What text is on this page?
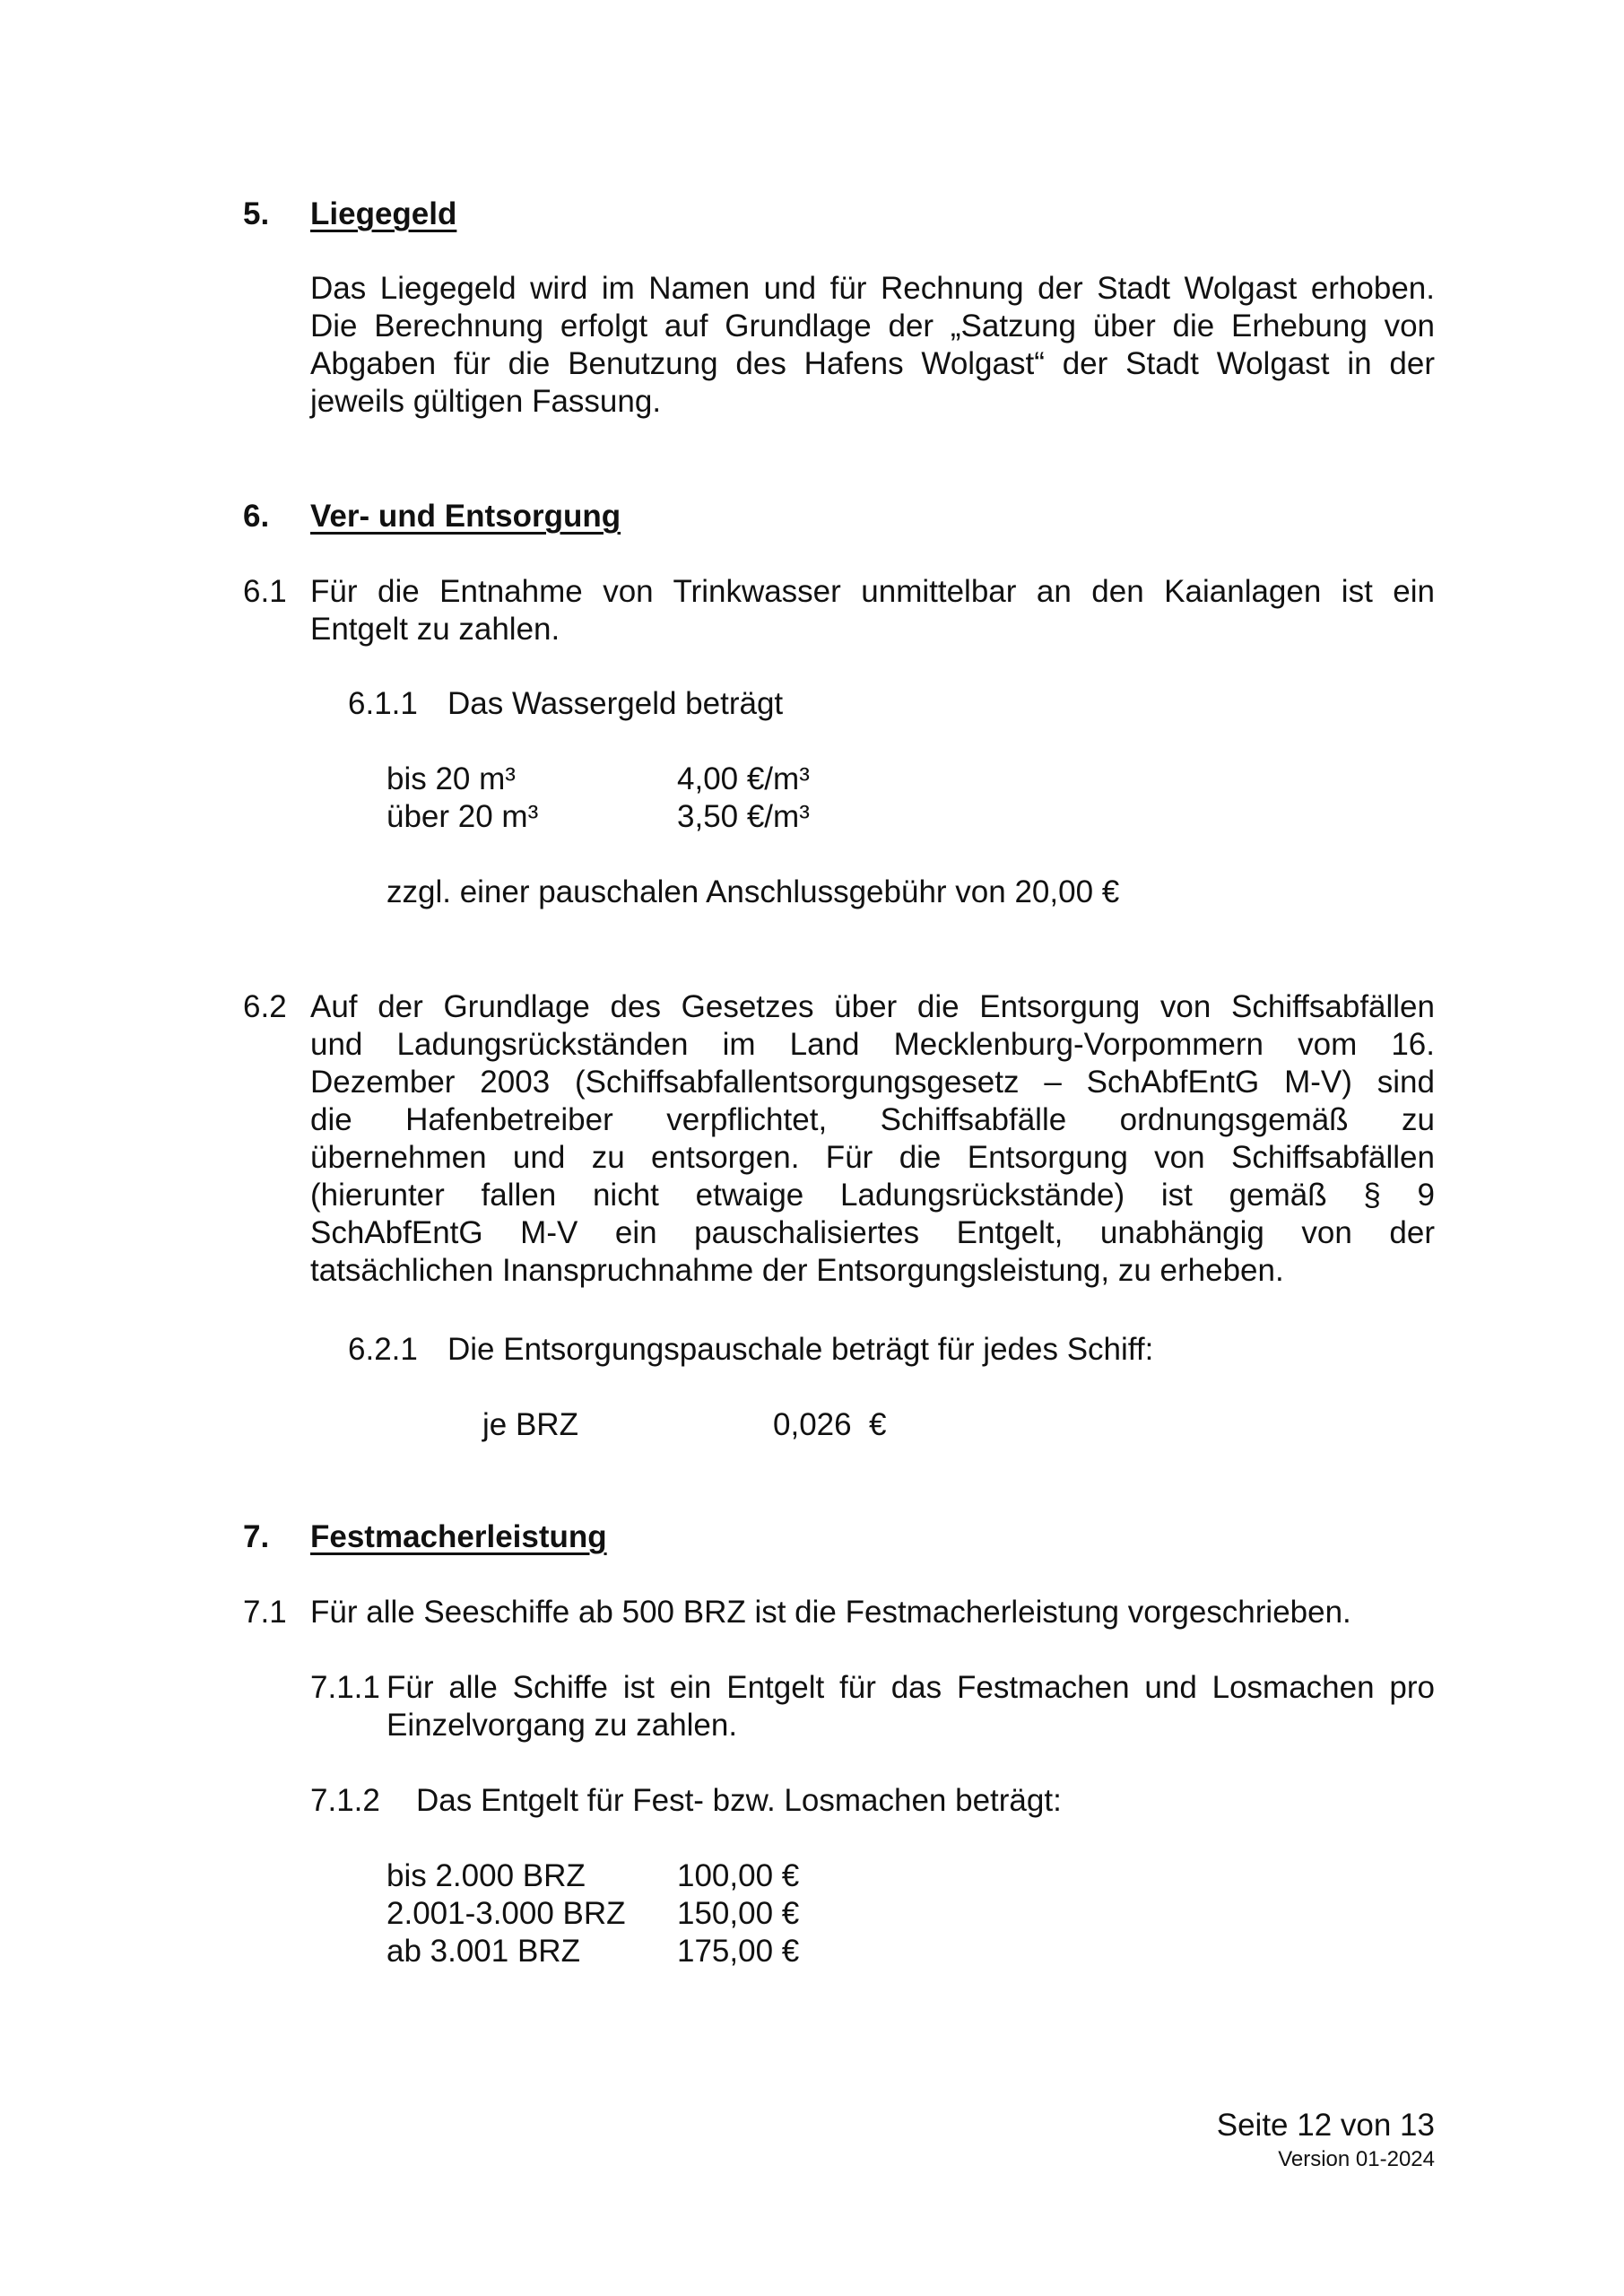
5. Liegegeld
Das Liegegeld wird im Namen und für Rechnung der Stadt Wolgast erhoben.
Die Berechnung erfolgt auf Grundlage der „Satzung über die Erhebung von
Abgaben für die Benutzung des Hafens Wolgast“ der Stadt Wolgast in der
jeweils gültigen Fassung.
6. Ver- und Entsorgung
6.1 Für die Entnahme von Trinkwasser unmittelbar an den Kaianlagen ist ein
Entgelt zu zahlen.
6.1.1 Das Wassergeld beträgt
bis 20 m³	4,00 €/m³
über 20 m³	3,50 €/m³
zzgl. einer pauschalen Anschlussgebühr von 20,00 €
6.2 Auf der Grundlage des Gesetzes über die Entsorgung von Schiffsabfällen
und Ladungsrückständen im Land Mecklenburg-Vorpommern vom 16.
Dezember 2003 (Schiffsabfallentsorgungsgesetz – SchAbfEntG M-V) sind
die Hafenbetreiber verpflichtet, Schiffsabfälle ordnungsgemäß zu
übernehmen und zu entsorgen. Für die Entsorgung von Schiffsabfällen
(hierunter fallen nicht etwaige Ladungsrückstände) ist gemäß § 9
SchAbfEntG M-V ein pauschalisiertes Entgelt, unabhängig von der
tatsächlichen Inanspruchnahme der Entsorgungsleistung, zu erheben.
6.2.1 Die Entsorgungspauschale beträgt für jedes Schiff:
je BRZ	0,026  €
7. Festmacherleistung
7.1 Für alle Seeschiffe ab 500 BRZ ist die Festmacherleistung vorgeschrieben.
7.1.1 Für alle Schiffe ist ein Entgelt für das Festmachen und Losmachen pro
Einzelvorgang zu zahlen.
7.1.2 Das Entgelt für Fest- bzw. Losmachen beträgt:
bis 2.000 BRZ	100,00 €
2.001-3.000 BRZ 150,00 €
ab 3.001 BRZ	175,00 €
Seite 12 von 13
Version 01-2024
